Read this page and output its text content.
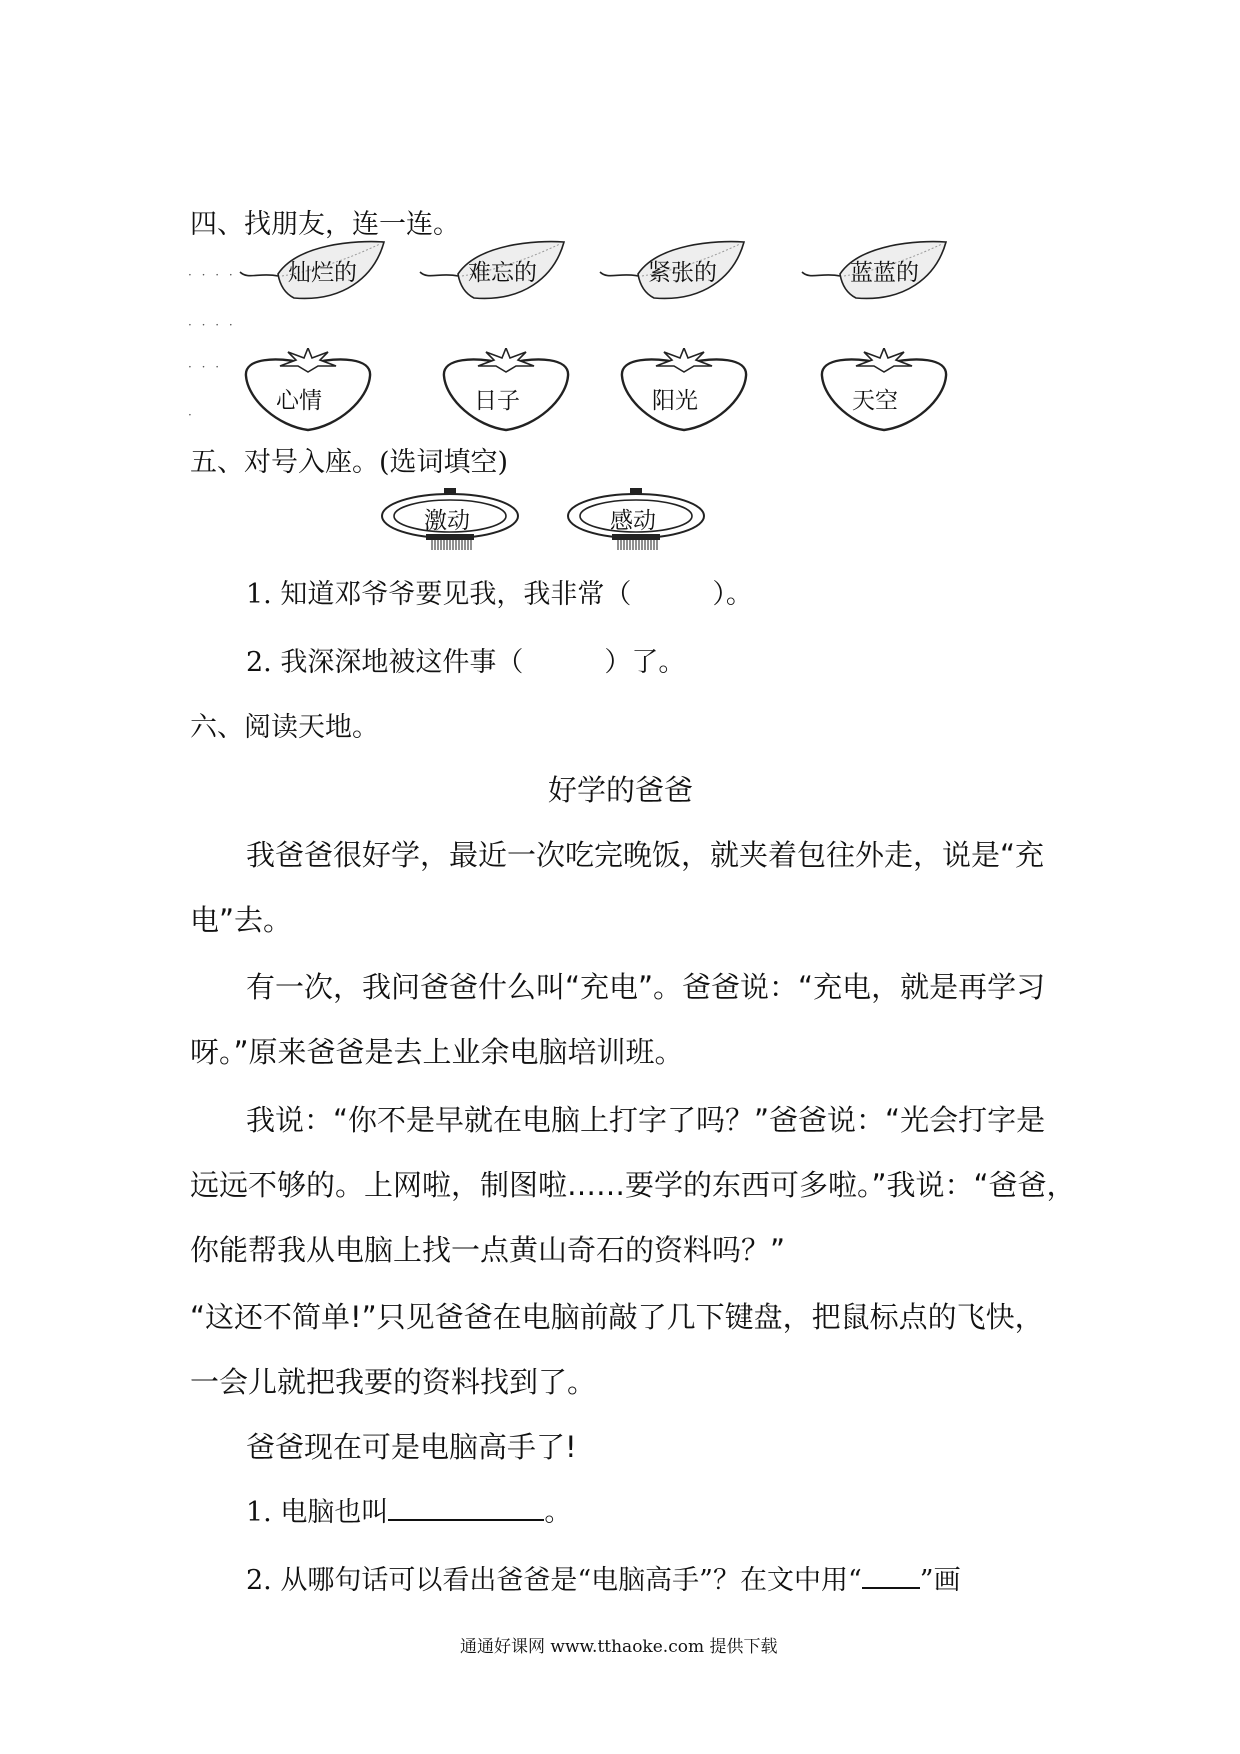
四、找朋友，连一连。
· · · ·
· · · ·
· · ·
·
灿烂的	难忘的	紧张的	蓝蓝的
心情	日子	阳光	天空
五、对号入座。(选词填空)
激动	感动
1. 知道邓爷爷要见我，我非常（　　　）。
2. 我深深地被这件事（　　　）了。
六、阅读天地。
好学的爸爸
我爸爸很好学，最近一次吃完晚饭，就夹着包往外走，说是“充
电”去。
有一次，我问爸爸什么叫“充电”。爸爸说：“充电，就是再学习
呀。”原来爸爸是去上业余电脑培训班。
我说：“你不是早就在电脑上打字了吗？”爸爸说：“光会打字是
远远不够的。上网啦，制图啦……要学的东西可多啦。”我说：“爸爸，
你能帮我从电脑上找一点黄山奇石的资料吗？”
“这还不简单!”只见爸爸在电脑前敲了几下键盘，把鼠标点的飞快，
一会儿就把我要的资料找到了。
爸爸现在可是电脑高手了!
1. 电脑也叫	。
2. 从哪句话可以看出爸爸是“电脑高手”？在文中用“ ”画
通通好课网 www.tthaoke.com 提供下载
